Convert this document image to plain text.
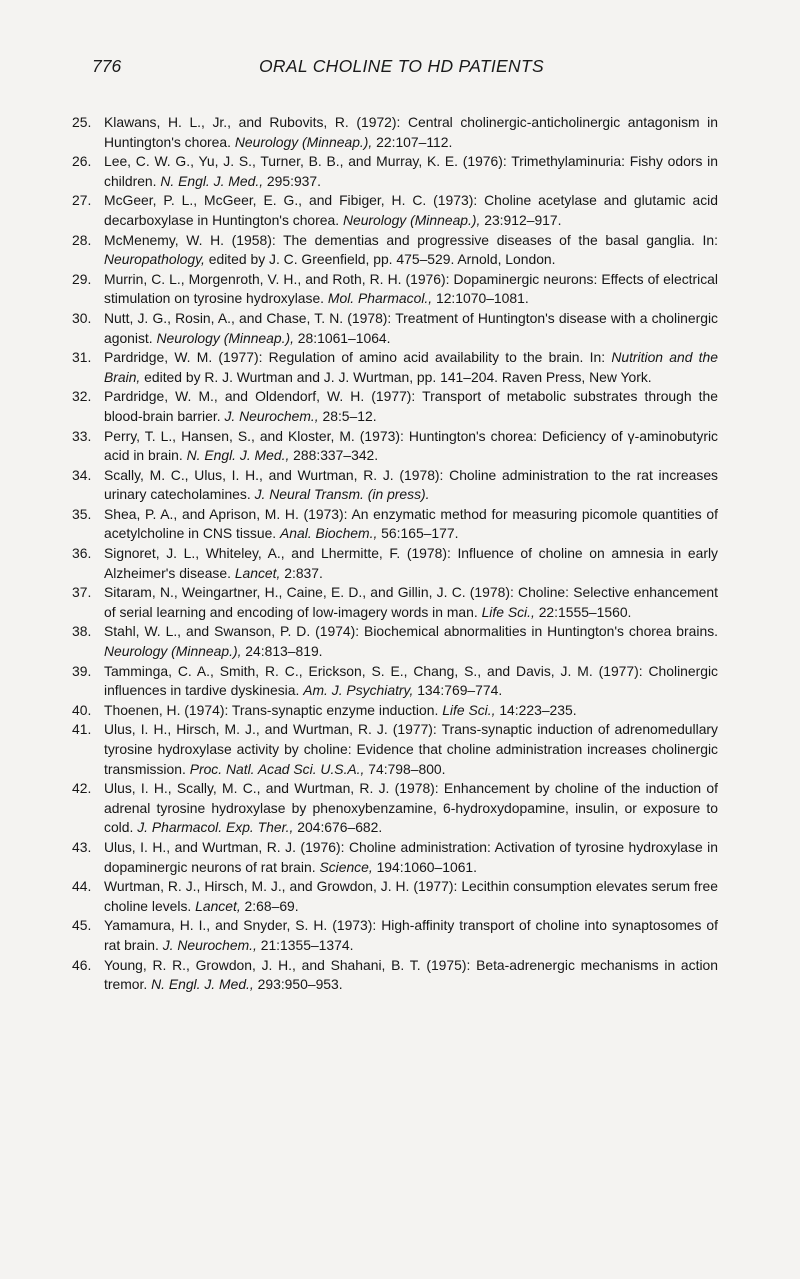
776	ORAL CHOLINE TO HD PATIENTS
25. Klawans, H. L., Jr., and Rubovits, R. (1972): Central cholinergic-anticholinergic antagonism in Huntington's chorea. Neurology (Minneap.), 22:107–112.
26. Lee, C. W. G., Yu, J. S., Turner, B. B., and Murray, K. E. (1976): Trimethylaminuria: Fishy odors in children. N. Engl. J. Med., 295:937.
27. McGeer, P. L., McGeer, E. G., and Fibiger, H. C. (1973): Choline acetylase and glutamic acid decarboxylase in Huntington's chorea. Neurology (Minneap.), 23:912–917.
28. McMenemy, W. H. (1958): The dementias and progressive diseases of the basal ganglia. In: Neuropathology, edited by J. C. Greenfield, pp. 475–529. Arnold, London.
29. Murrin, C. L., Morgenroth, V. H., and Roth, R. H. (1976): Dopaminergic neurons: Effects of electrical stimulation on tyrosine hydroxylase. Mol. Pharmacol., 12:1070–1081.
30. Nutt, J. G., Rosin, A., and Chase, T. N. (1978): Treatment of Huntington's disease with a cholinergic agonist. Neurology (Minneap.), 28:1061–1064.
31. Pardridge, W. M. (1977): Regulation of amino acid availability to the brain. In: Nutrition and the Brain, edited by R. J. Wurtman and J. J. Wurtman, pp. 141–204. Raven Press, New York.
32. Pardridge, W. M., and Oldendorf, W. H. (1977): Transport of metabolic substrates through the blood-brain barrier. J. Neurochem., 28:5–12.
33. Perry, T. L., Hansen, S., and Kloster, M. (1973): Huntington's chorea: Deficiency of γ-aminobutyric acid in brain. N. Engl. J. Med., 288:337–342.
34. Scally, M. C., Ulus, I. H., and Wurtman, R. J. (1978): Choline administration to the rat increases urinary catecholamines. J. Neural Transm. (in press).
35. Shea, P. A., and Aprison, M. H. (1973): An enzymatic method for measuring picomole quantities of acetylcholine in CNS tissue. Anal. Biochem., 56:165–177.
36. Signoret, J. L., Whiteley, A., and Lhermitte, F. (1978): Influence of choline on amnesia in early Alzheimer's disease. Lancet, 2:837.
37. Sitaram, N., Weingartner, H., Caine, E. D., and Gillin, J. C. (1978): Choline: Selective enhancement of serial learning and encoding of low-imagery words in man. Life Sci., 22:1555–1560.
38. Stahl, W. L., and Swanson, P. D. (1974): Biochemical abnormalities in Huntington's chorea brains. Neurology (Minneap.), 24:813–819.
39. Tamminga, C. A., Smith, R. C., Erickson, S. E., Chang, S., and Davis, J. M. (1977): Cholinergic influences in tardive dyskinesia. Am. J. Psychiatry, 134:769–774.
40. Thoenen, H. (1974): Trans-synaptic enzyme induction. Life Sci., 14:223–235.
41. Ulus, I. H., Hirsch, M. J., and Wurtman, R. J. (1977): Trans-synaptic induction of adrenomedullary tyrosine hydroxylase activity by choline: Evidence that choline administration increases cholinergic transmission. Proc. Natl. Acad Sci. U.S.A., 74:798–800.
42. Ulus, I. H., Scally, M. C., and Wurtman, R. J. (1978): Enhancement by choline of the induction of adrenal tyrosine hydroxylase by phenoxybenzamine, 6-hydroxydopamine, insulin, or exposure to cold. J. Pharmacol. Exp. Ther., 204:676–682.
43. Ulus, I. H., and Wurtman, R. J. (1976): Choline administration: Activation of tyrosine hydroxylase in dopaminergic neurons of rat brain. Science, 194:1060–1061.
44. Wurtman, R. J., Hirsch, M. J., and Growdon, J. H. (1977): Lecithin consumption elevates serum free choline levels. Lancet, 2:68–69.
45. Yamamura, H. I., and Snyder, S. H. (1973): High-affinity transport of choline into synaptosomes of rat brain. J. Neurochem., 21:1355–1374.
46. Young, R. R., Growdon, J. H., and Shahani, B. T. (1975): Beta-adrenergic mechanisms in action tremor. N. Engl. J. Med., 293:950–953.
